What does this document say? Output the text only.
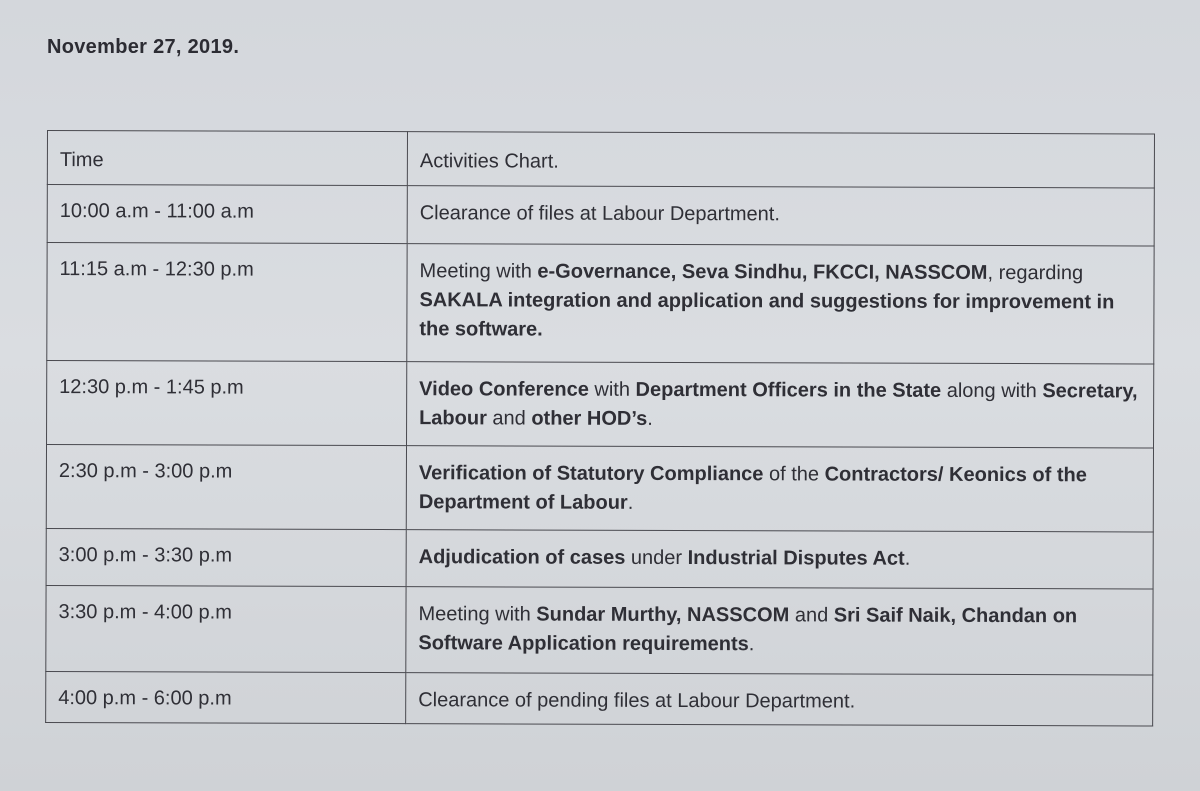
November 27, 2019.
Time	Activities Chart.
10:00 a.m - 11:00 a.m	Clearance of files at Labour Department.
11:15 a.m - 12:30 p.m	Meeting with e-Governance, Seva Sindhu, FKCCI, NASSCOM, regarding SAKALA integration and application and suggestions for improvement in the software.
12:30 p.m - 1:45 p.m	Video Conference with Department Officers in the State along with Secretary, Labour and other HOD’s.
2:30 p.m - 3:00 p.m	Verification of Statutory Compliance of the Contractors/ Keonics of the Department of Labour.
3:00 p.m - 3:30 p.m	Adjudication of cases under Industrial Disputes Act.
3:30 p.m - 4:00 p.m	Meeting with Sundar Murthy, NASSCOM and Sri Saif Naik, Chandan on Software Application requirements.
4:00 p.m - 6:00 p.m	Clearance of pending files at Labour Department.
